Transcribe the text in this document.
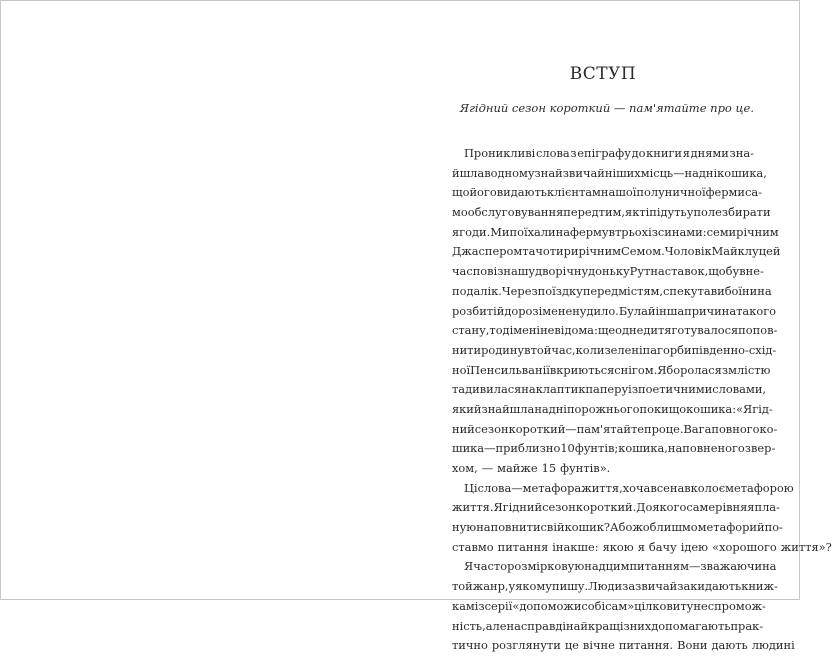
ВСТУП
Ягідний сезон короткий — пам'ятайте про це.
Проникливі слова з епіграфу до книги я днями зна-
йшла в одному з найзвичайніших місць — на дні кошика,
що його видають клієнтам нашої полуничної ферми са-
мообслуговування перед тим, як ті підуть у поле збирати
ягоди. Ми поїхали на ферму втрьох із синами: семирічним
Джаспером та чотирирічним Семом. Чоловік Майкл у цей
час повіз нашу дворічну доньку Рут на ставок, що був не-
подалік. Через поїздку передмістям, спеку та вибоїни на
розбитій дорозі мене нудило. Була й інша причина такого
стану, тоді мені невідома: ще одне дитя готувалося попов-
нити родину в той час, коли зелені пагорби південно-схід-
ної Пенсильванії вкриються снігом. Я боролася з млістю
та дивилася на клаптик паперу із поетичними словами,
який знайшла на дні порожнього поки що кошика: «Ягід-
ний сезон короткий — пам'ятайте про це. Вага повного ко-
шика — приблизно 10 фунтів; кошика, наповненого з вер-
хом, — майже 15 фунтів».
Ці слова — метафора життя, хоча все навколо є метафорою
життя. Ягідний сезон короткий. До якого саме рівня я пла-
ную наповнити свій кошик? Або ж облишмо метафори й по-
ставмо питання інакше: якою я бачу ідею «хорошого життя»?
Я часто розмірковую над цим питанням — зважаючи на
той жанр, у якому пишу. Люди зазвичай закидають книж-
кам із серії «допоможи собі сам» цілковиту неспромож-
ність, але насправді найкращі з них допомагають прак-
тично розглянути це вічне питання. Вони дають людині
